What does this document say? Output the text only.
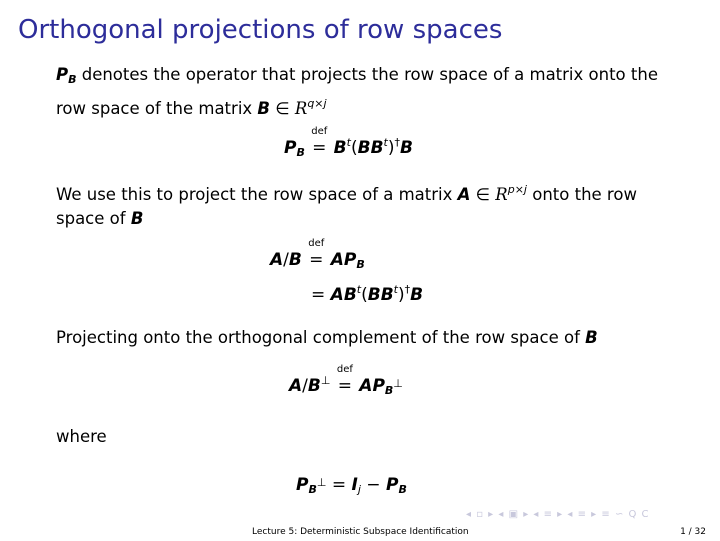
Orthogonal projections of row spaces
$P_B$ denotes the operator that projects the row space of a matrix onto the row space of the matrix B ∈ $R^{q\times j}$
$P_B$
def
= $B^t(BB^t)^\dagger B$
We use this to project the row space of a matrix A ∈ $R^{p\times j}$ onto the row space of B
A/B
def
= $AP_B$
= $AB^t(BB^t)^\dagger B$
Projecting onto the orthogonal complement of the row space of B
A/B⊥
def
= $AP_{B^\perp}$
where
$P_{B^\perp} = I_j - P_B$
◂ ▫ ▸ ◂ ▣ ▸ ◂ ≡ ▸ ◂ ≡ ▸ ≡ ∽ Q C
Lecture 5: Deterministic Subspace Identification	1 / 32
